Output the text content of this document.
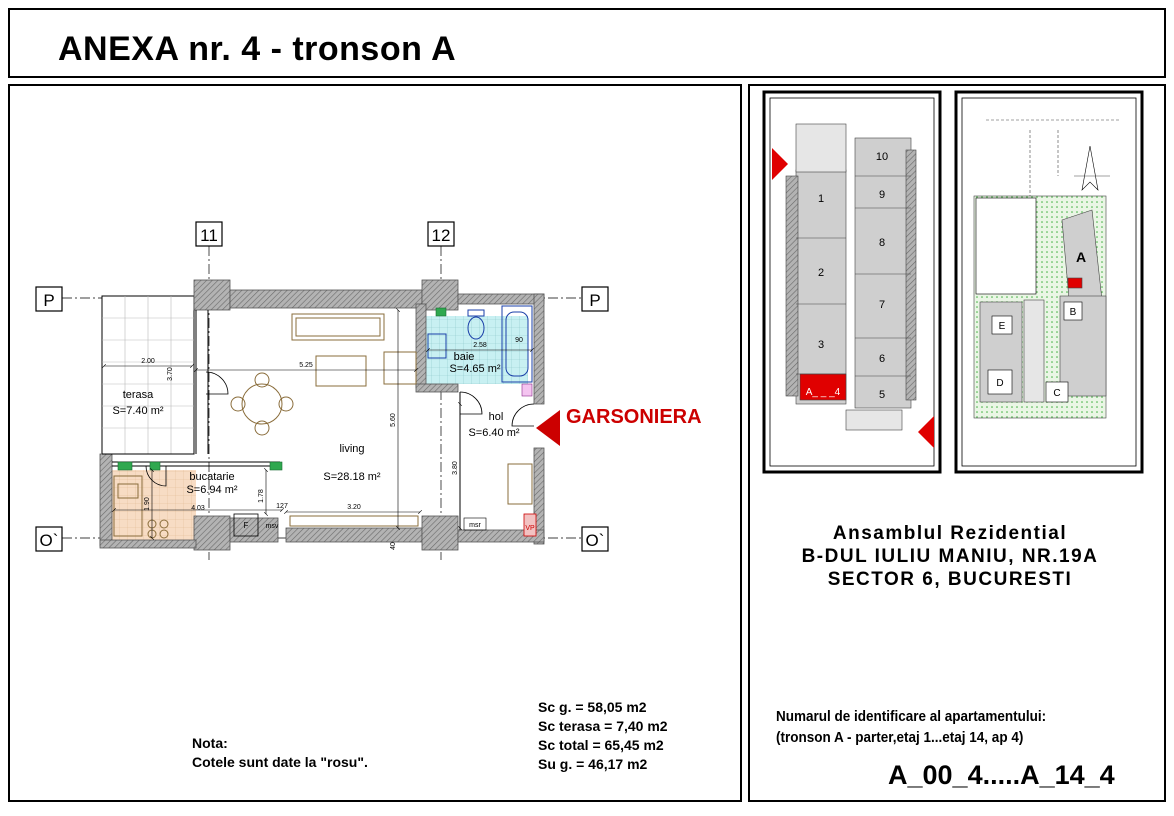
ANEXA nr. 4 - tronson A
11	12
P	P
O`	O`
F msv	msr	VP
2.00
5.25
2.58
90
4.03	127	3.20
3.70
5.60
3.80
1.90
1.78
40
terasa
S=7.40 m²
baie
S=4.65 m²
hol
S=6.40 m²
living
S=28.18 m²
bucatarie
S=6.94 m²
GARSONIERA
10
9
8
7
6
5
1
2
3
A_ _ _4
A
B
C
D
E
Sc g. = 58,05 m2
Sc terasa = 7,40 m2
Sc total = 65,45 m2
Su g. = 46,17 m2
Nota:
Cotele sunt date la "rosu".
Ansamblul Rezidential
B-DUL IULIU MANIU, NR.19A
SECTOR 6, BUCURESTI
Numarul de identificare al apartamentului:
(tronson A - parter,etaj 1...etaj 14, ap 4)
A_00_4.....A_14_4
